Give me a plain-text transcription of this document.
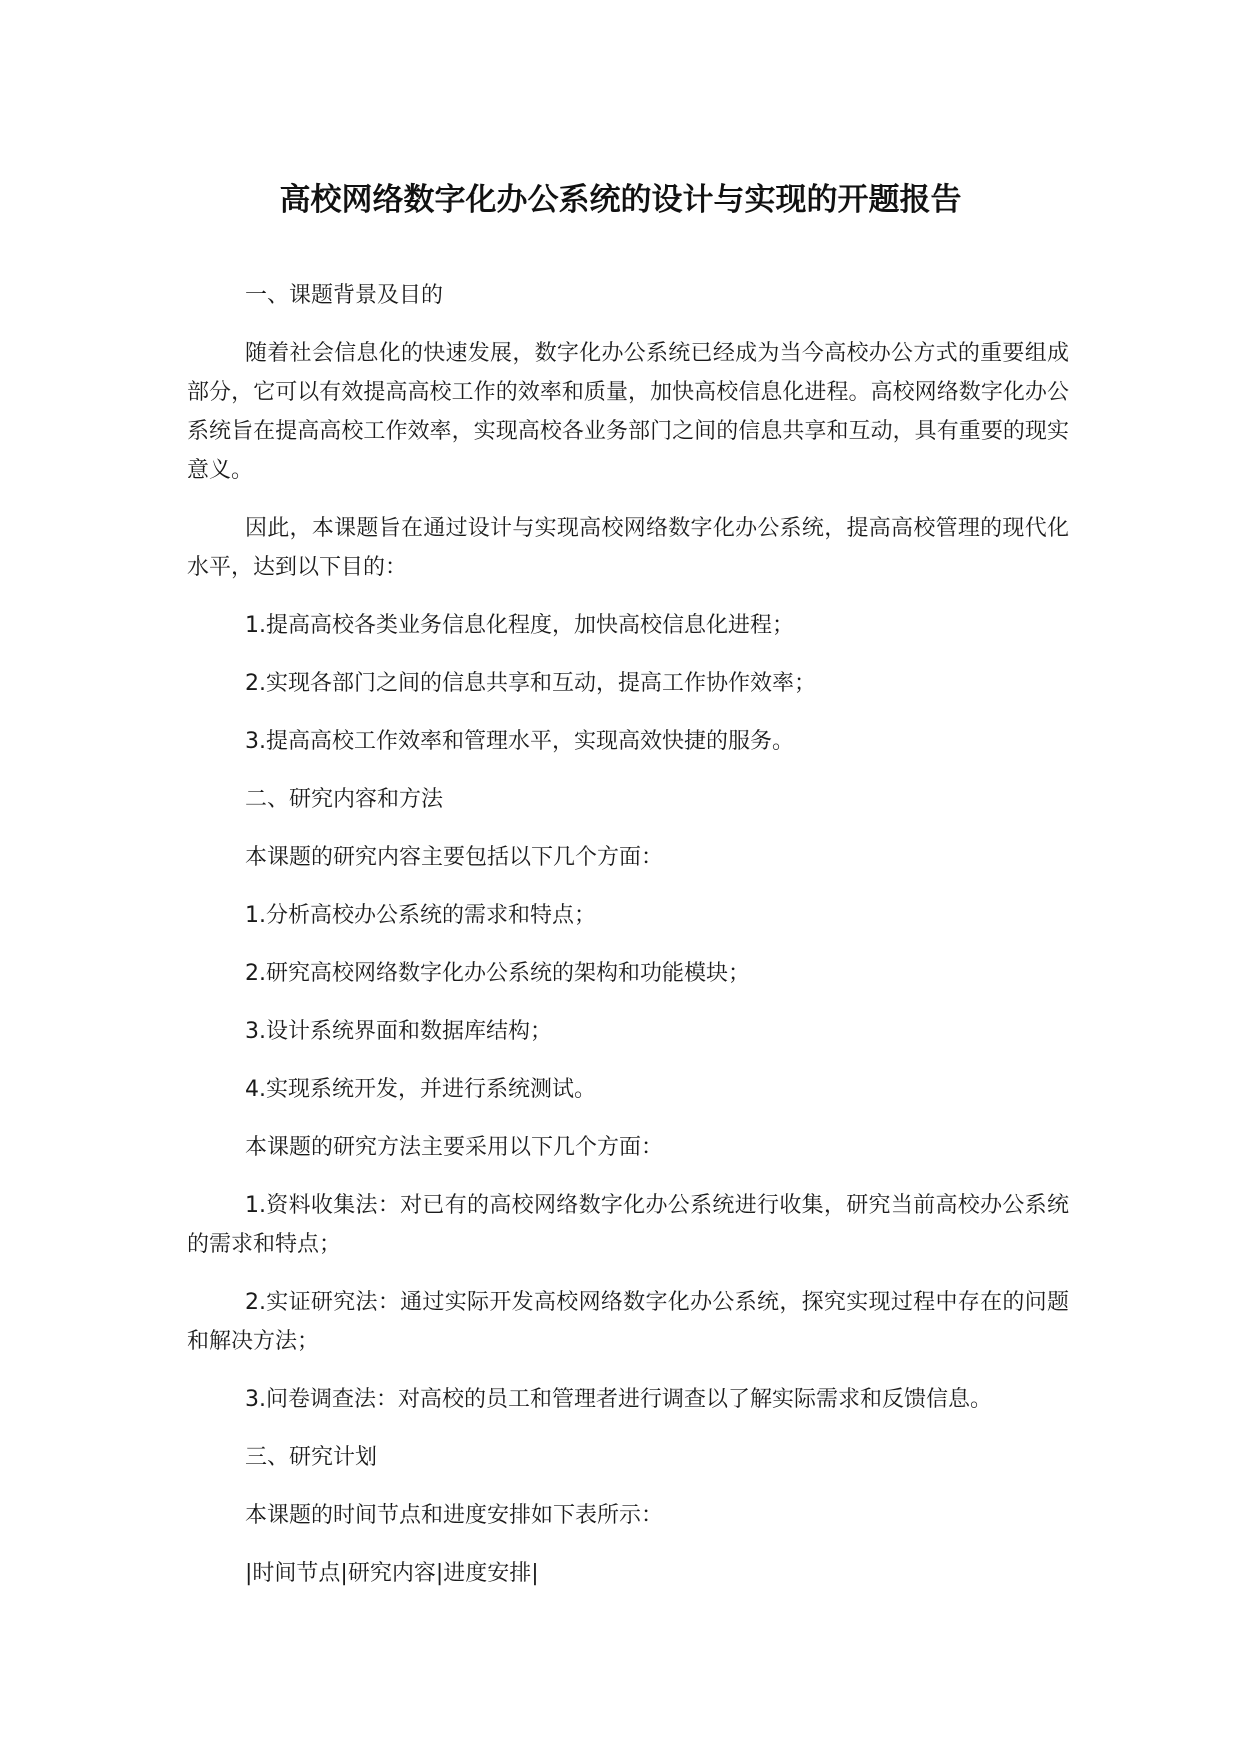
高校网络数字化办公系统的设计与实现的开题报告

一、课题背景及目的

随着社会信息化的快速发展，数字化办公系统已经成为当今高校办公方式的重要组成部分，它可以有效提高高校工作的效率和质量，加快高校信息化进程。高校网络数字化办公系统旨在提高高校工作效率，实现高校各业务部门之间的信息共享和互动，具有重要的现实意义。

因此，本课题旨在通过设计与实现高校网络数字化办公系统，提高高校管理的现代化水平，达到以下目的：

1.提高高校各类业务信息化程度，加快高校信息化进程；

2.实现各部门之间的信息共享和互动，提高工作协作效率；

3.提高高校工作效率和管理水平，实现高效快捷的服务。

二、研究内容和方法

本课题的研究内容主要包括以下几个方面：

1.分析高校办公系统的需求和特点；

2.研究高校网络数字化办公系统的架构和功能模块；

3.设计系统界面和数据库结构；

4.实现系统开发，并进行系统测试。

本课题的研究方法主要采用以下几个方面：

1.资料收集法：对已有的高校网络数字化办公系统进行收集，研究当前高校办公系统的需求和特点；

2.实证研究法：通过实际开发高校网络数字化办公系统，探究实现过程中存在的问题和解决方法；

3.问卷调查法：对高校的员工和管理者进行调查以了解实际需求和反馈信息。

三、研究计划

本课题的时间节点和进度安排如下表所示：

|时间节点|研究内容|进度安排|
